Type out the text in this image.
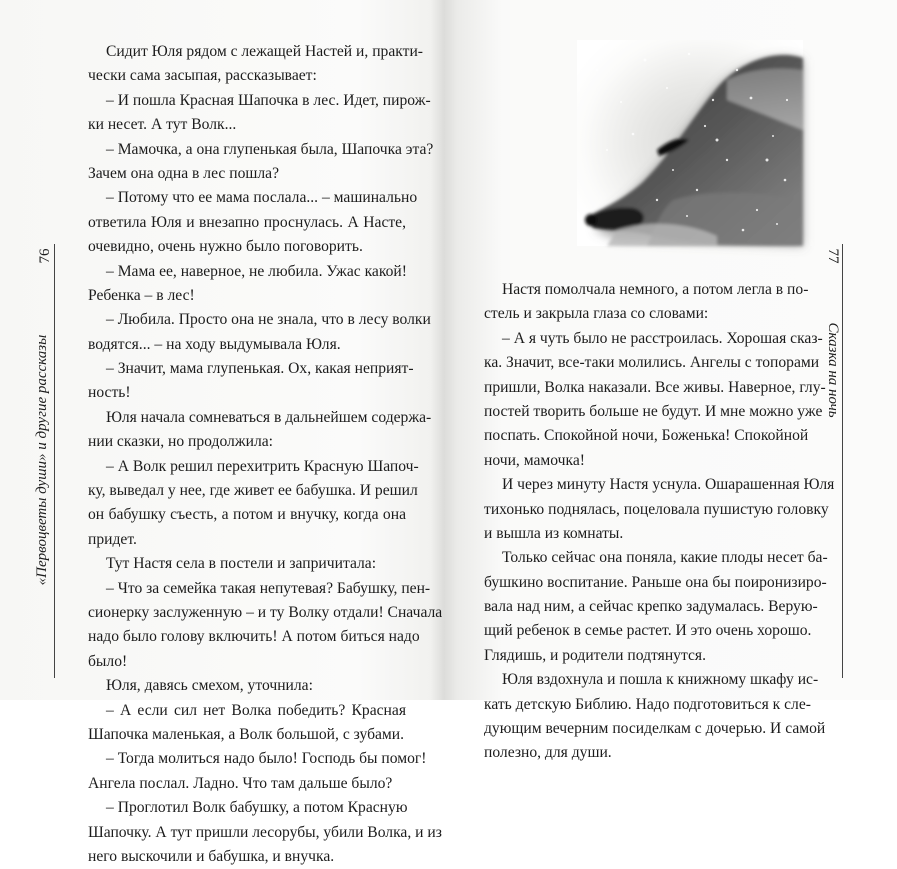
76
«Первоцветы души» и другие рассказы
77
Сказка на ночь
Сидит Юля рядом с лежащей Настей и, практи-
чески сама засыпая, рассказывает:
– И пошла Красная Шапочка в лес. Идет, пирож-
ки несет. А тут Волк...
– Мамочка, а она глупенькая была, Шапочка эта?
Зачем она одна в лес пошла?
– Потому что ее мама послала... – машинально
ответила Юля и внезапно проснулась. А Насте,
очевидно, очень нужно было поговорить.
– Мама ее, наверное, не любила. Ужас какой!
Ребенка – в лес!
– Любила. Просто она не знала, что в лесу волки
водятся... – на ходу выдумывала Юля.
– Значит, мама глупенькая. Ох, какая неприят-
ность!
Юля начала сомневаться в дальнейшем содержа-
нии сказки, но продолжила:
– А Волк решил перехитрить Красную Шапоч-
ку, выведал у нее, где живет ее бабушка. И решил
он бабушку съесть, а потом и внучку, когда она
придет.
Тут Настя села в постели и запричитала:
– Что за семейка такая непутевая? Бабушку, пен-
сионерку заслуженную – и ту Волку отдали! Сначала
надо было голову включить! А потом биться надо
было!
Юля, давясь смехом, уточнила:
– А если сил нет Волка победить? Красная
Шапочка маленькая, а Волк большой, с зубами.
– Тогда молиться надо было! Господь бы помог!
Ангела послал. Ладно. Что там дальше было?
– Проглотил Волк бабушку, а потом Красную
Шапочку. А тут пришли лесорубы, убили Волка, и из
него выскочили и бабушка, и внучка.
Настя помолчала немного, а потом легла в по-
стель и закрыла глаза со словами:
– А я чуть было не расстроилась. Хорошая сказ-
ка. Значит, все-таки молились. Ангелы с топорами
пришли, Волка наказали. Все живы. Наверное, глу-
постей творить больше не будут. И мне можно уже
поспать. Спокойной ночи, Боженька! Спокойной
ночи, мамочка!
И через минуту Настя уснула. Ошарашенная Юля
тихонько поднялась, поцеловала пушистую головку
и вышла из комнаты.
Только сейчас она поняла, какие плоды несет ба-
бушкино воспитание. Раньше она бы поиронизиро-
вала над ним, а сейчас крепко задумалась. Верую-
щий ребенок в семье растет. И это очень хорошо.
Глядишь, и родители подтянутся.
Юля вздохнула и пошла к книжному шкафу ис-
кать детскую Библию. Надо подготовиться к сле-
дующим вечерним посиделкам с дочерью. И самой
полезно, для души.
